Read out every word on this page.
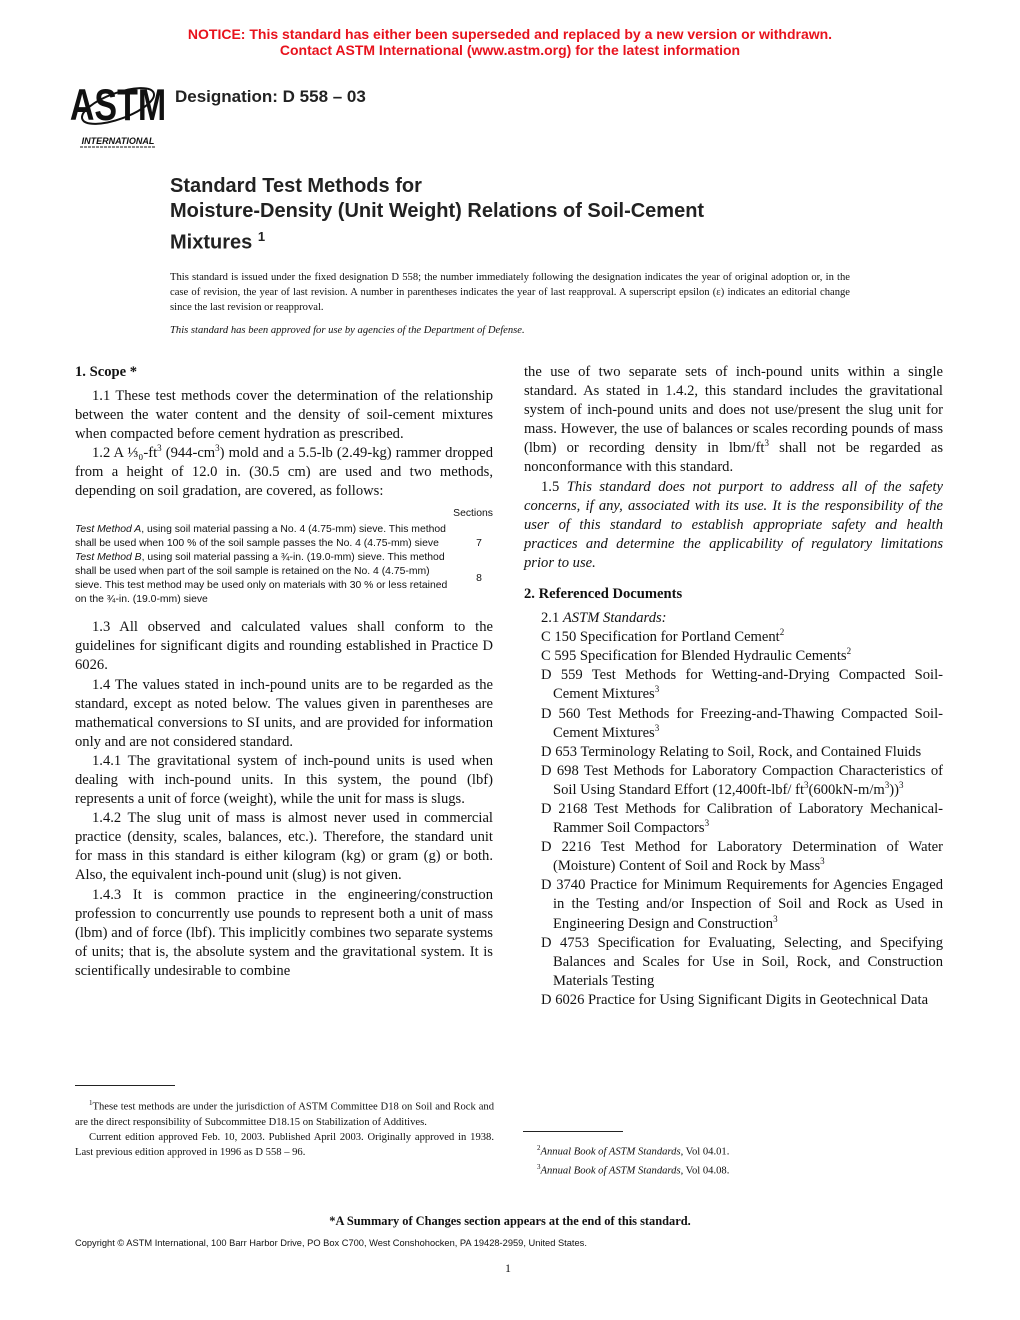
NOTICE: This standard has either been superseded and replaced by a new version or withdrawn.
Contact ASTM International (www.astm.org) for the latest information
ASTM
INTERNATIONAL
Designation: D 558 – 03
Standard Test Methods for
Moisture-Density (Unit Weight) Relations of Soil-Cement
Mixtures $^1$
This standard is issued under the fixed designation D 558; the number immediately following the designation indicates the year of original adoption or, in the case of revision, the year of last revision. A number in parentheses indicates the year of last reapproval. A superscript epsilon (ε) indicates an editorial change since the last revision or reapproval.
This standard has been approved for use by agencies of the Department of Defense.
1. Scope *

1.1 These test methods cover the determination of the relationship between the water content and the density of soil-cement mixtures when compacted before cement hydration as prescribed.

1.2 A $\frac{1}{3}_0-ft^3$ $(944-cm^3)$ mold and a 5.5-lb (2.49-kg) rammer dropped from a height of 12.0 in. (30.5 cm) are used and two methods, depending on soil gradation, are covered, as follows:

Sections
Test Method A, using soil material passing a No. 4 (4.75-mm) sieve. This method shall be used when 100 % of the soil sample passes the No. 4 (4.75-mm) sieve	7
Test Method B, using soil material passing a ¾-in. (19.0-mm) sieve. This method shall be used when part of the soil sample is retained on the No. 4 (4.75-mm) sieve. This test method may be used only on materials with 30 % or less retained on the ¾-in. (19.0-mm) sieve
8

1.3 All observed and calculated values shall conform to the guidelines for significant digits and rounding established in Practice D 6026.

1.4 The values stated in inch-pound units are to be regarded as the standard, except as noted below. The values given in parentheses are mathematical conversions to SI units, and are provided for information only and are not considered standard.

1.4.1 The gravitational system of inch-pound units is used when dealing with inch-pound units. In this system, the pound (lbf) represents a unit of force (weight), while the unit for mass is slugs.

1.4.2 The slug unit of mass is almost never used in commercial practice (density, scales, balances, etc.). Therefore, the standard unit for mass in this standard is either kilogram (kg) or gram (g) or both. Also, the equivalent inch-pound unit (slug) is not given.

1.4.3 It is common practice in the engineering/construction profession to concurrently use pounds to represent both a unit of mass (lbm) and of force (lbf). This implicitly combines two separate systems of units; that is, the absolute system and the gravitational system. It is scientifically undesirable to combine

the use of two separate sets of inch-pound units within a single standard. As stated in 1.4.2, this standard includes the gravitational system of inch-pound units and does not use/present the slug unit for mass. However, the use of balances or scales recording pounds of mass (lbm) or recording density in lbm/$ft^3$ shall not be regarded as nonconformance with this standard.

1.5 This standard does not purport to address all of the safety concerns, if any, associated with its use. It is the responsibility of the user of this standard to establish appropriate safety and health practices and determine the applicability of regulatory limitations prior to use.

2. Referenced Documents

2.1 ASTM Standards:

C 150 Specification for Portland Cement$^2$
C 595 Specification for Blended Hydraulic Cements$^2$
D 559 Test Methods for Wetting-and-Drying Compacted Soil-Cement Mixtures$^3$
D 560 Test Methods for Freezing-and-Thawing Compacted Soil-Cement Mixtures$^3$
D 653 Terminology Relating to Soil, Rock, and Contained Fluids
D 698 Test Methods for Laboratory Compaction Characteristics of Soil Using Standard Effort (12,400ft-lbf/ $ft^3(600kN-m/m^3))^3$
D 2168 Test Methods for Calibration of Laboratory Mechanical-Rammer Soil Compactors$^3$
D 2216 Test Method for Laboratory Determination of Water (Moisture) Content of Soil and Rock by Mass$^3$
D 3740 Practice for Minimum Requirements for Agencies Engaged in the Testing and/or Inspection of Soil and Rock as Used in Engineering Design and Construction$^3$
D 4753 Specification for Evaluating, Selecting, and Specifying Balances and Scales for Use in Soil, Rock, and Construction Materials Testing
D 6026 Practice for Using Significant Digits in Geotechnical Data

$^1$These test methods are under the jurisdiction of ASTM Committee D18 on Soil and Rock and are the direct responsibility of Subcommittee D18.15 on Stabilization of Additives.

Current edition approved Feb. 10, 2003. Published April 2003. Originally approved in 1938. Last previous edition approved in 1996 as D 558 – 96.	$^2$Annual Book of ASTM Standards, Vol 04.01.

$^3$Annual Book of ASTM Standards, Vol 04.08.

*A Summary of Changes section appears at the end of this standard.
Copyright © ASTM International, 100 Barr Harbor Drive, PO Box C700, West Conshohocken, PA 19428-2959, United States.
1
